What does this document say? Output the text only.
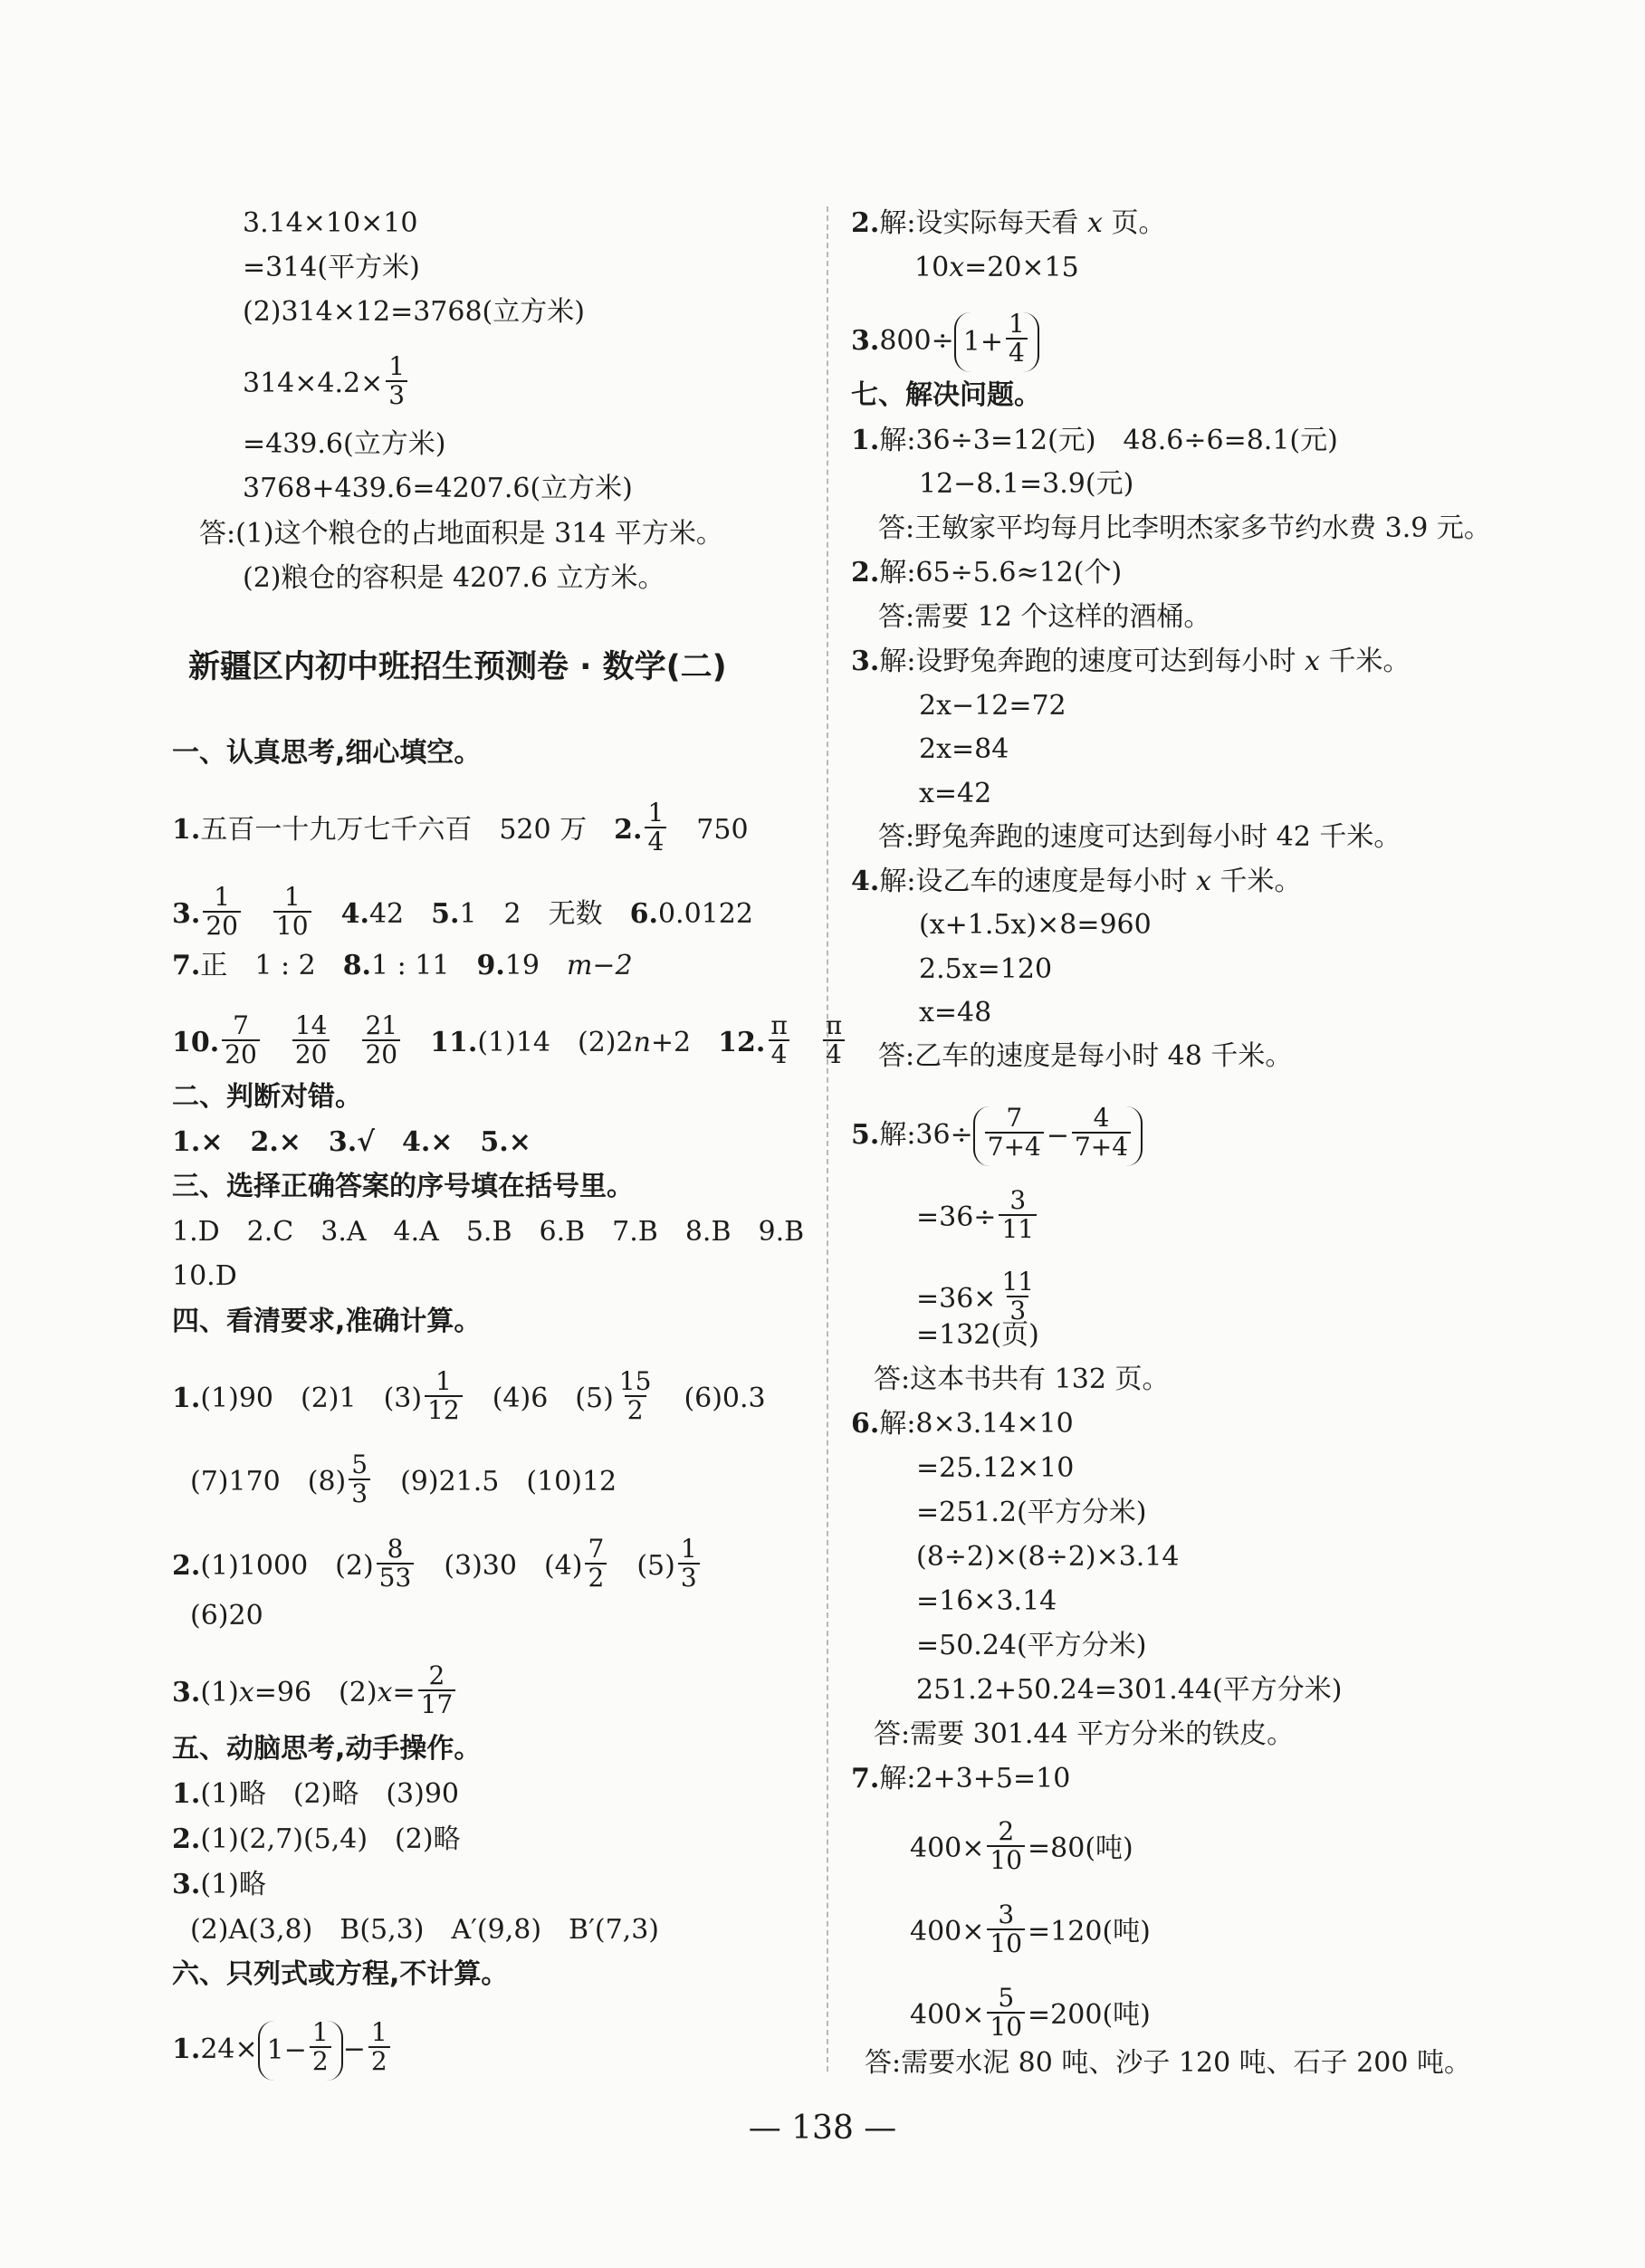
3.14×10×10
=314(平方米)
(2)314×12=3768(立方米)
$314\times 4.2\times \frac{1}{3}$
=439.6(立方米)
3768+439.6=4207.6(立方米)
答:(1)这个粮仓的占地面积是 314 平方米。
(2)粮仓的容积是 4207.6 立方米。
新疆区内初中班招生预测卷 · 数学(二)
一、认真思考,细心填空。
1.五百一十九万七千六百 520 万 2. $\frac{1}{4} 750$
3. $\frac{1}{20} \frac{1}{10} 4.42$ 5.1　2　无数 6.0.0122
7.正　1 : 2 8.1 : 11 9.19 m−2
10. $\frac{7}{20} \frac{14}{20} \frac{21}{20} 11.(1)14$　(2)2n+2 12. $\frac{\pi}{4} \frac{\pi}{4}$
二、判断对错。
1.×　2.×　3.√　4.×　5.×
三、选择正确答案的序号填在括号里。
1.D　2.C　3.A　4.A　5.B　6.B　7.B　8.B　9.B
10.D
四、看清要求,准确计算。
1.(1)90　(2)1　$(3) \frac{1}{12} (4)6$　$(5) \frac{15}{2} (6)0.3$
(7)170　$(8) \frac{5}{3} (9)21.5$　(10)12
2.(1)1000　$(2) \frac{8}{53} (3)30$　$(4) \frac{7}{2} (5) \frac{1}{3}$
(6)20
3.(1)x=96　$(2)x= \frac{2}{17}$
五、动脑思考,动手操作。
1.(1)略　(2)略　(3)90
2.(1)(2,7)(5,4)　(2)略
3.(1)略
(2)A(3,8)　B(5,3)　A′(9,8)　B′(7,3)
六、只列式或方程,不计算。
$1.24\times 1- \frac{1}{2} - \frac{1}{2}$
2.解:设实际每天看 x 页。
10x=20×15
$3.800\div 1+ \frac{1}{4}$
七、解决问题。
1.解:36÷3=12(元)　48.6÷6=8.1(元)
12−8.1=3.9(元)
答:王敏家平均每月比李明杰家多节约水费 3.9 元。
2.解:65÷5.6≈12(个)
答:需要 12 个这样的酒桶。
3.解:设野兔奔跑的速度可达到每小时 x 千米。
2x−12=72
2x=84
x=42
答:野兔奔跑的速度可达到每小时 42 千米。
4.解:设乙车的速度是每小时 x 千米。
(x+1.5x)×8=960
2.5x=120
x=48
答:乙车的速度是每小时 48 千米。
5.解:36÷
7
$7+4 - \frac{4}{7+4}$
$=36\div \frac{3}{11}$
$=36\times \frac{11}{3}$
=132(页)
答:这本书共有 132 页。
6.解:8×3.14×10
=25.12×10
=251.2(平方分米)
(8÷2)×(8÷2)×3.14
=16×3.14
=50.24(平方分米)
251.2+50.24=301.44(平方分米)
答:需要 301.44 平方分米的铁皮。
7.解:2+3+5=10
$400\times \frac{2}{10} =80$(吨)
$400\times \frac{3}{10} =120$(吨)
$400\times \frac{5}{10} =200$(吨)
答:需要水泥 80 吨、沙子 120 吨、石子 200 吨。
— 138 —
